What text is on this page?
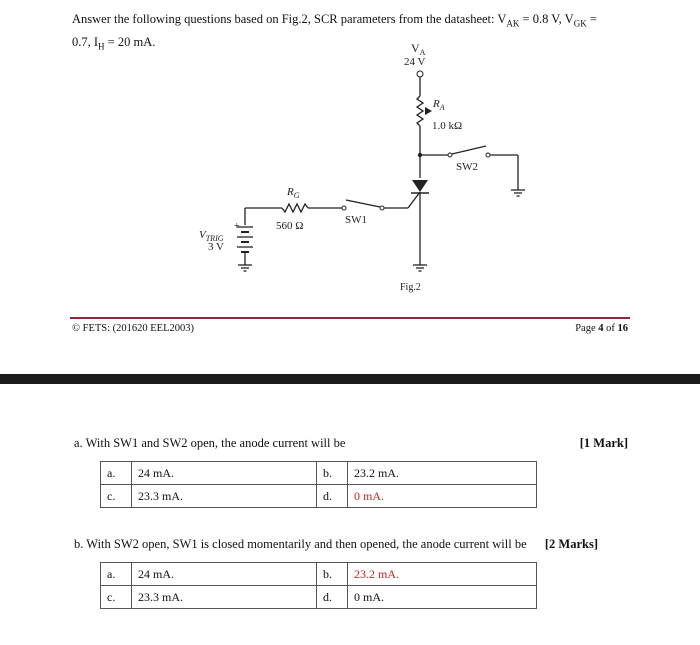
Answer the following questions based on Fig.2, SCR parameters from the datasheet: $V_{AK} = 0.8$ V, $V_{GK}$ =
0.7, $I_H = 20$ mA.	$V_A$
24 V
$R_A$
1.0 kΩ
SW2
Fig.2
SW1
$R_G$
560 Ω
+
$V_{TRIG}$
3 V
© FETS: (201620 EEL2003)	Page 4 of 16
a. With SW1 and SW2 open, the anode current will be	[1 Mark]
a.	24 mA.	b.	23.2 mA.
c.	23.3 mA.	d.	0 mA.
b. With SW2 open, SW1 is closed momentarily and then opened, the anode current will be [2 Marks]
a.	24 mA.	b.	23.2 mA.
c.	23.3 mA.	d.	0 mA.
